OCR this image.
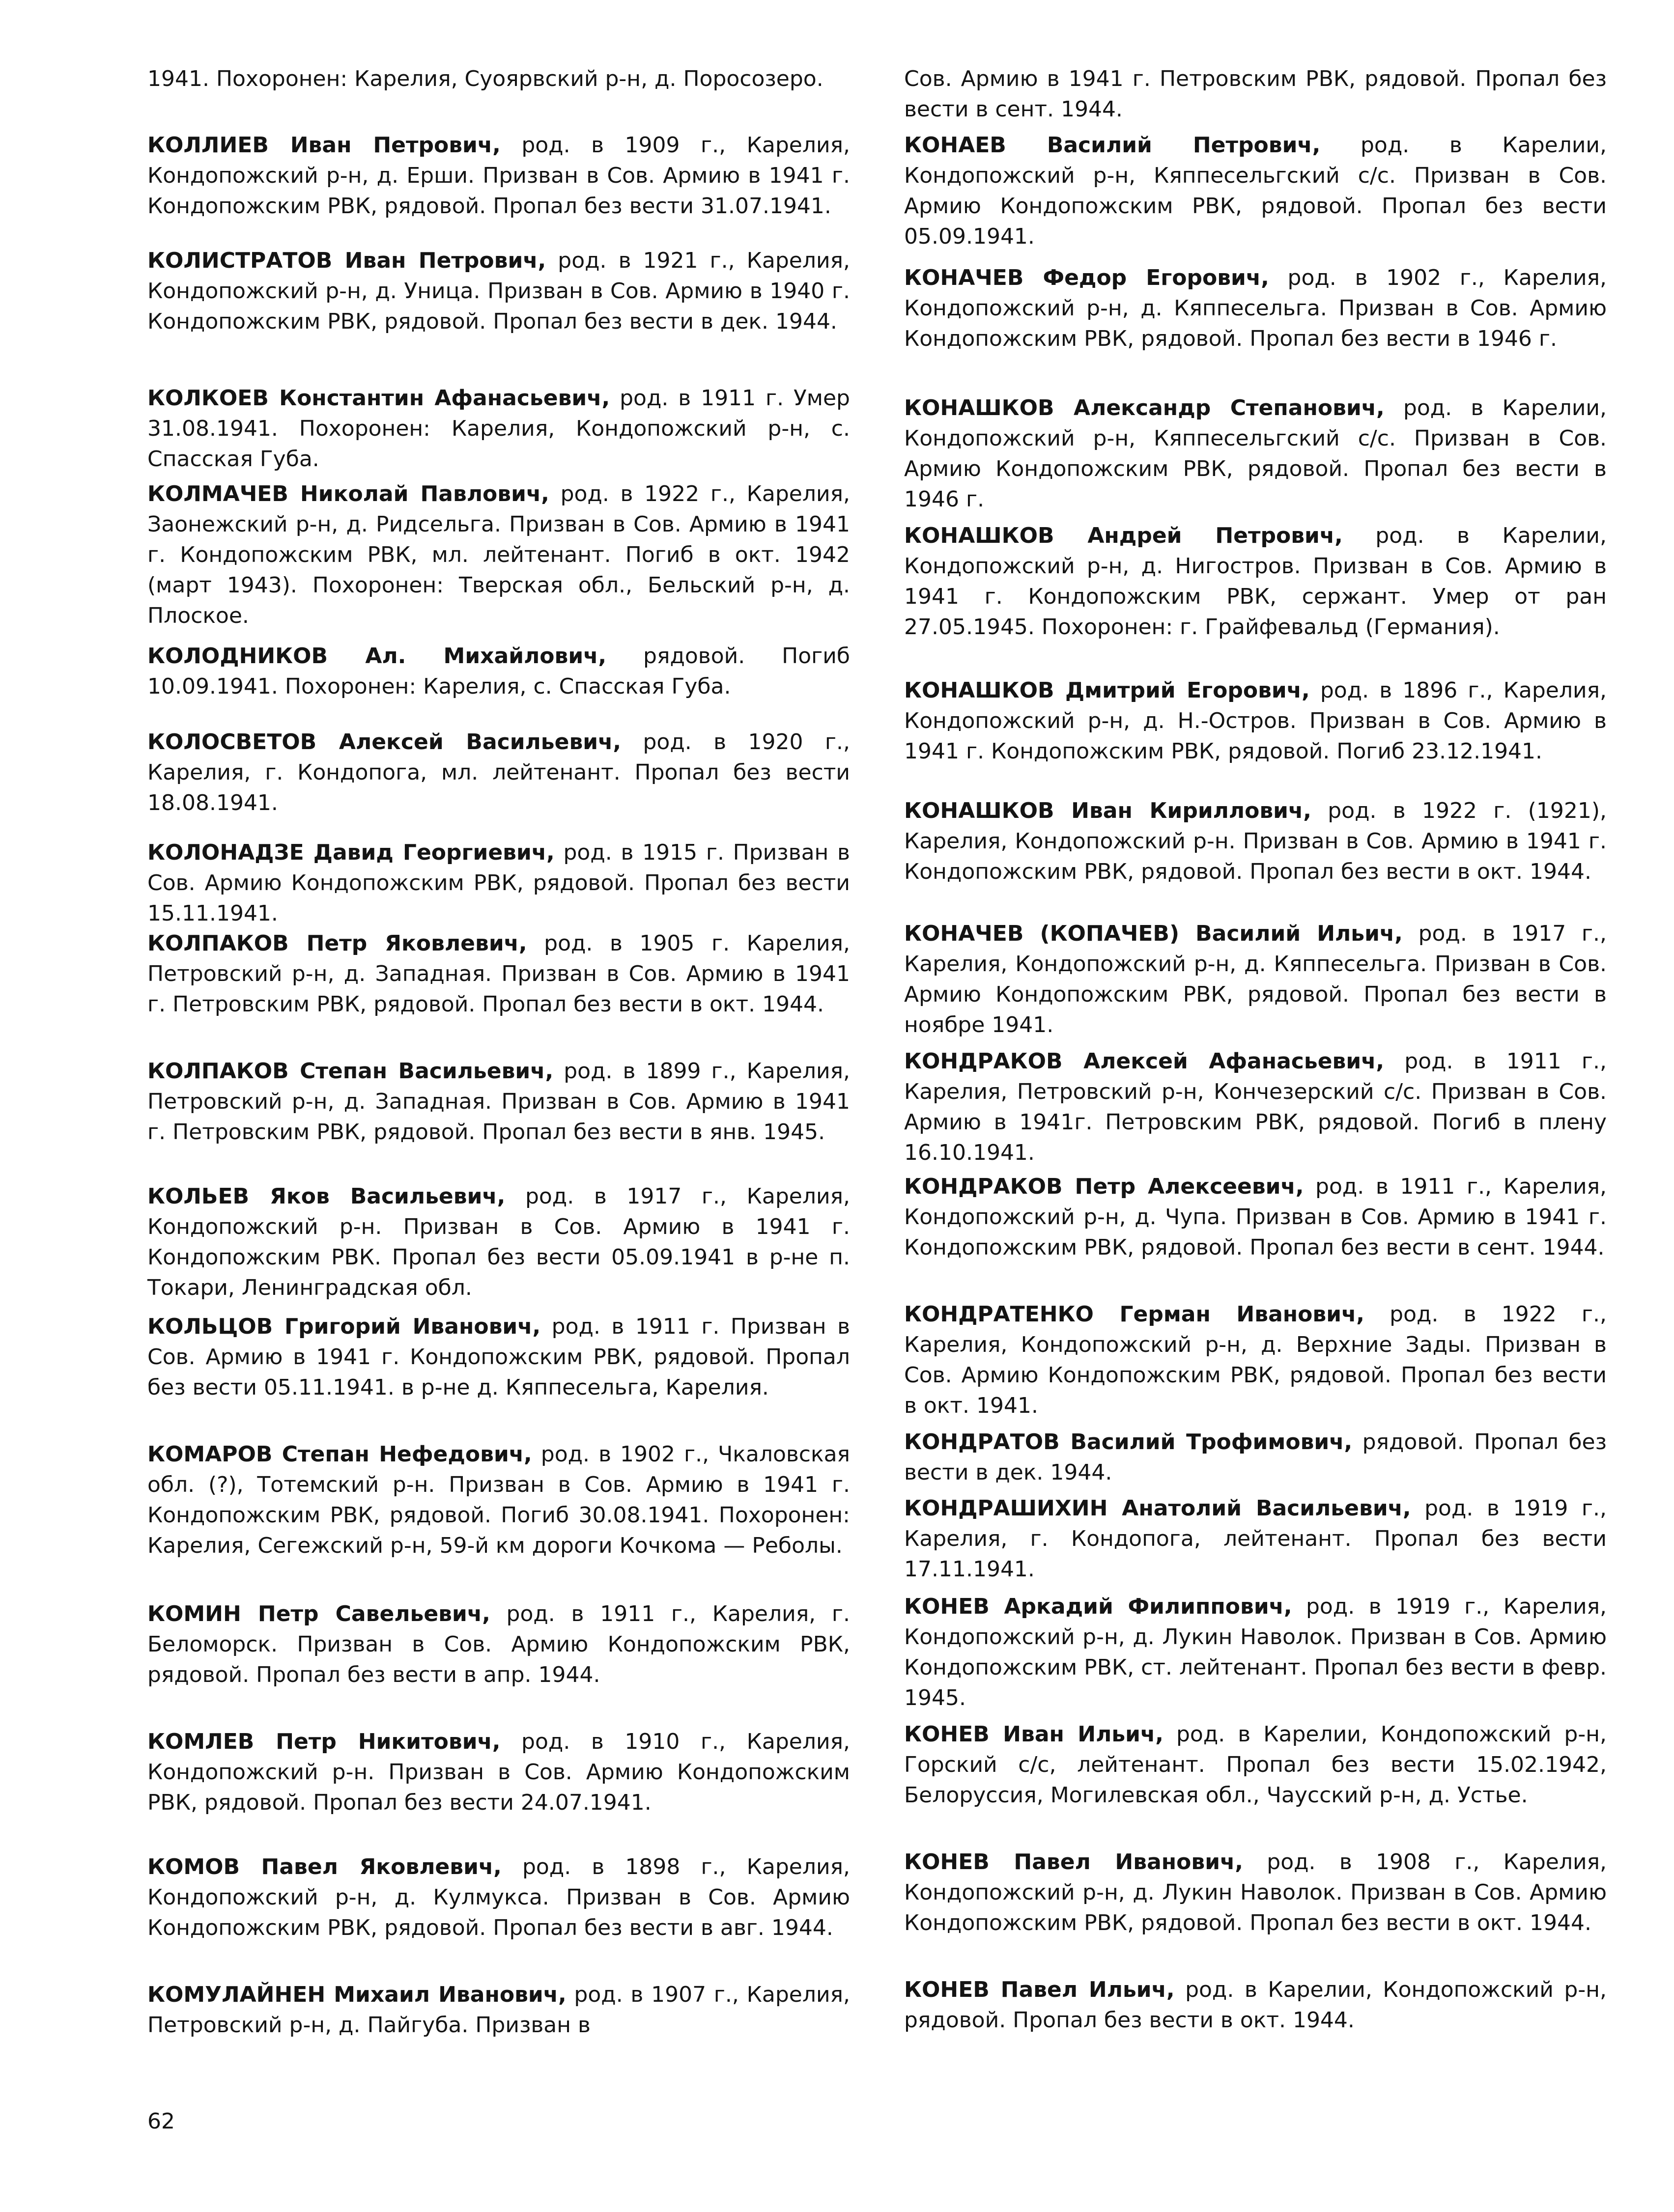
1941. Похоронен: Карелия, Суоярвский р-н, д. Поросозеро.

КОЛЛИЕВ Иван Петрович, род. в 1909 г., Карелия, Кондопожский р-н, д. Ерши. Призван в Сов. Армию в 1941 г. Кондопожским РВК, рядовой. Пропал без вести 31.07.1941.

КОЛИСТРАТОВ Иван Петрович, род. в 1921 г., Карелия, Кондопожский р-н, д. Уница. Призван в Сов. Армию в 1940 г. Кондопожским РВК, рядовой. Пропал без вести в дек. 1944.

КОЛКОЕВ Константин Афанасьевич, род. в 1911 г. Умер 31.08.1941. Похоронен: Карелия, Кондопожский р-н, с. Спасская Губа.

КОЛМАЧЕВ Николай Павлович, род. в 1922 г., Карелия, Заонежский р-н, д. Ридсельга. Призван в Сов. Армию в 1941 г. Кондопожским РВК, мл. лейтенант. Погиб в окт. 1942 (март 1943). Похоронен: Тверская обл., Бельский р-н, д. Плоское.

КОЛОДНИКОВ Ал. Михайлович, рядовой. Погиб 10.09.1941. Похоронен: Карелия, с. Спасская Губа.

КОЛОСВЕТОВ Алексей Васильевич, род. в 1920 г., Карелия, г. Кондопога, мл. лейтенант. Пропал без вести 18.08.1941.

КОЛОНАДЗЕ Давид Георгиевич, род. в 1915 г. Призван в Сов. Армию Кондопожским РВК, рядовой. Пропал без вести 15.11.1941.

КОЛПАКОВ Петр Яковлевич, род. в 1905 г. Карелия, Петровский р-н, д. Западная. Призван в Сов. Армию в 1941 г. Петровским РВК, рядовой. Пропал без вести в окт. 1944.

КОЛПАКОВ Степан Васильевич, род. в 1899 г., Карелия, Петровский р-н, д. Западная. Призван в Сов. Армию в 1941 г. Петровским РВК, рядовой. Пропал без вести в янв. 1945.

КОЛЬЕВ Яков Васильевич, род. в 1917 г., Карелия, Кондопожский р-н. Призван в Сов. Армию в 1941 г. Кондопожским РВК. Пропал без вести 05.09.1941 в р-не п. Токари, Ленинградская обл.

КОЛЬЦОВ Григорий Иванович, род. в 1911 г. Призван в Сов. Армию в 1941 г. Кондопожским РВК, рядовой. Пропал без вести 05.11.1941. в р-не д. Кяппесельга, Карелия.

КОМАРОВ Степан Нефедович, род. в 1902 г., Чкаловская обл. (?), Тотемский р-н. Призван в Сов. Армию в 1941 г. Кондопожским РВК, рядовой. Погиб 30.08.1941. Похоронен: Карелия, Сегежский р-н, 59-й км дороги Кочкома — Реболы.

КОМИН Петр Савельевич, род. в 1911 г., Карелия, г. Беломорск. Призван в Сов. Армию Кондопожским РВК, рядовой. Пропал без вести в апр. 1944.

КОМЛЕВ Петр Никитович, род. в 1910 г., Карелия, Кондопожский р-н. Призван в Сов. Армию Кондопожским РВК, рядовой. Пропал без вести 24.07.1941.

КОМОВ Павел Яковлевич, род. в 1898 г., Карелия, Кондопожский р-н, д. Кулмукса. Призван в Сов. Армию Кондопожским РВК, рядовой. Пропал без вести в авг. 1944.

КОМУЛАЙНЕН Михаил Иванович, род. в 1907 г., Карелия, Петровский р-н, д. Пайгуба. Призван в

Сов. Армию в 1941 г. Петровским РВК, рядовой. Пропал без вести в сент. 1944.

КОНАЕВ Василий Петрович, род. в Карелии, Кондопожский р-н, Кяппесельгский с/с. Призван в Сов. Армию Кондопожским РВК, рядовой. Пропал без вести 05.09.1941.

КОНАЧЕВ Федор Егорович, род. в 1902 г., Карелия, Кондопожский р-н, д. Кяппесельга. Призван в Сов. Армию Кондопожским РВК, рядовой. Пропал без вести в 1946 г.

КОНАШКОВ Александр Степанович, род. в Карелии, Кондопожский р-н, Кяппесельгский с/с. Призван в Сов. Армию Кондопожским РВК, рядовой. Пропал без вести в 1946 г.

КОНАШКОВ Андрей Петрович, род. в Карелии, Кондопожский р-н, д. Нигостров. Призван в Сов. Армию в 1941 г. Кондопожским РВК, сержант. Умер от ран 27.05.1945. Похоронен: г. Грайфевальд (Германия).

КОНАШКОВ Дмитрий Егорович, род. в 1896 г., Карелия, Кондопожский р-н, д. Н.-Остров. Призван в Сов. Армию в 1941 г. Кондопожским РВК, рядовой. Погиб 23.12.1941.

КОНАШКОВ Иван Кириллович, род. в 1922 г. (1921), Карелия, Кондопожский р-н. Призван в Сов. Армию в 1941 г. Кондопожским РВК, рядовой. Пропал без вести в окт. 1944.

КОНАЧЕВ (КОПАЧЕВ) Василий Ильич, род. в 1917 г., Карелия, Кондопожский р-н, д. Кяппесельга. Призван в Сов. Армию Кондопожским РВК, рядовой. Пропал без вести в ноябре 1941.

КОНДРАКОВ Алексей Афанасьевич, род. в 1911 г., Карелия, Петровский р-н, Кончезерский с/с. Призван в Сов. Армию в 1941г. Петровским РВК, рядовой. Погиб в плену 16.10.1941.

КОНДРАКОВ Петр Алексеевич, род. в 1911 г., Карелия, Кондопожский р-н, д. Чупа. Призван в Сов. Армию в 1941 г. Кондопожским РВК, рядовой. Пропал без вести в сент. 1944.

КОНДРАТЕНКО Герман Иванович, род. в 1922 г., Карелия, Кондопожский р-н, д. Верхние Зады. Призван в Сов. Армию Кондопожским РВК, рядовой. Пропал без вести в окт. 1941.

КОНДРАТОВ Василий Трофимович, рядовой. Пропал без вести в дек. 1944.

КОНДРАШИХИН Анатолий Васильевич, род. в 1919 г., Карелия, г. Кондопога, лейтенант. Пропал без вести 17.11.1941.

КОНЕВ Аркадий Филиппович, род. в 1919 г., Карелия, Кондопожский р-н, д. Лукин Наволок. Призван в Сов. Армию Кондопожским РВК, ст. лейтенант. Пропал без вести в февр. 1945.

КОНЕВ Иван Ильич, род. в Карелии, Кондопожский р-н, Горский с/с, лейтенант. Пропал без вести 15.02.1942, Белоруссия, Могилевская обл., Чаусский р-н, д. Устье.

КОНЕВ Павел Иванович, род. в 1908 г., Карелия, Кондопожский р-н, д. Лукин Наволок. Призван в Сов. Армию Кондопожским РВК, рядовой. Пропал без вести в окт. 1944.

КОНЕВ Павел Ильич, род. в Карелии, Кондопожский р-н, рядовой. Пропал без вести в окт. 1944.

62
